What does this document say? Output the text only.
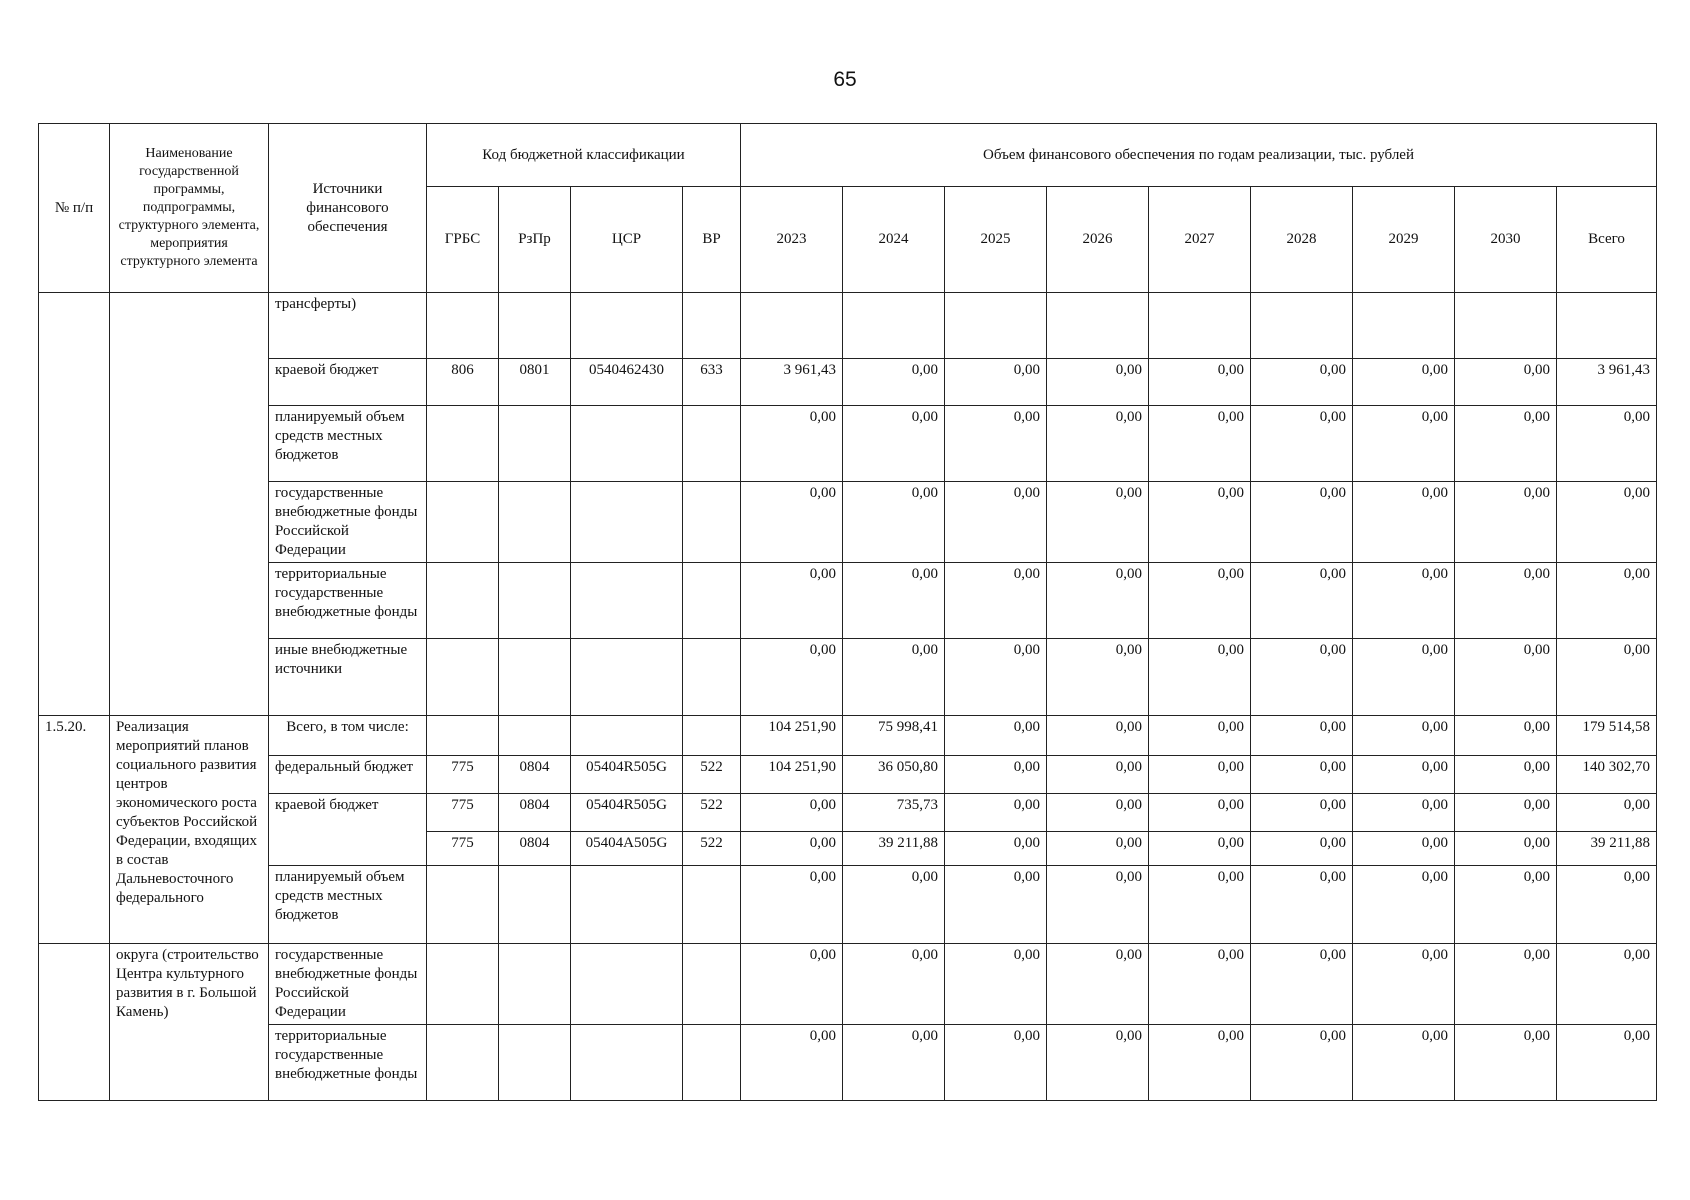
65
№ п/п	Наименование государственной программы, подпрограммы, структурного элемента, мероприятия структурного элемента	Источники финансового обеспечения	Код бюджетной классификации				Объем финансового обеспечения по годам реализации, тыс. рублей								
			ГРБС	РзПр	ЦСР	ВР	2023	2024	2025	2026	2027	2028	2029	2030	Всего
		трансферты)													
		краевой бюджет	806	0801	0540462430	633	3 961,43	0,00	0,00	0,00	0,00	0,00	0,00	0,00	3 961,43
		планируемый объем средств местных бюджетов					0,00	0,00	0,00	0,00	0,00	0,00	0,00	0,00	0,00
		государственные внебюджетные фонды Российской Федерации					0,00	0,00	0,00	0,00	0,00	0,00	0,00	0,00	0,00
		территориальные государственные внебюджетные фонды					0,00	0,00	0,00	0,00	0,00	0,00	0,00	0,00	0,00
		иные внебюджетные источники					0,00	0,00	0,00	0,00	0,00	0,00	0,00	0,00	0,00
1.5.20.	Реализация мероприятий планов социального развития центров экономического роста субъектов Российской Федерации, входящих в состав Дальневосточного федерального	Всего, в том числе:					104 251,90	75 998,41	0,00	0,00	0,00	0,00	0,00	0,00	179 514,58
		федеральный бюджет	775	0804	05404R505G	522	104 251,90	36 050,80	0,00	0,00	0,00	0,00	0,00	0,00	140 302,70
		краевой бюджет	775	0804	05404R505G	522	0,00	735,73	0,00	0,00	0,00	0,00	0,00	0,00	0,00
			775	0804	05404A505G	522	0,00	39 211,88	0,00	0,00	0,00	0,00	0,00	0,00	39 211,88
		планируемый объем средств местных бюджетов					0,00	0,00	0,00	0,00	0,00	0,00	0,00	0,00	0,00
	округа (строительство Центра культурного развития в г. Большой Камень)	государственные внебюджетные фонды Российской Федерации					0,00	0,00	0,00	0,00	0,00	0,00	0,00	0,00	0,00
		территориальные государственные внебюджетные фонды					0,00	0,00	0,00	0,00	0,00	0,00	0,00	0,00	0,00
